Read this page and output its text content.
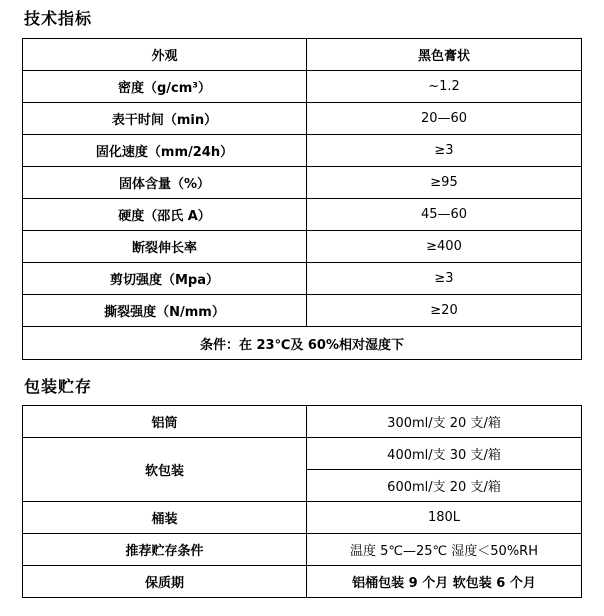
技术指标
外观	黑色膏状
密度（g/cm³）	~1.2
表干时间（min）	20—60
固化速度（mm/24h）	≥3
固体含量（%）	≥95
硬度（邵氏 A）	45—60
断裂伸长率	≥400
剪切强度（Mpa）	≥3
撕裂强度（N/mm）	≥20
条件：在 23℃及 60%相对湿度下	
包装贮存
铝筒	300ml/支 20 支/箱
软包装	400ml/支 30 支/箱
	600ml/支 20 支/箱
桶装	180L
推荐贮存条件	温度 5℃—25℃ 湿度＜50%RH
保质期	铝桶包装 9 个月 软包装 6 个月
